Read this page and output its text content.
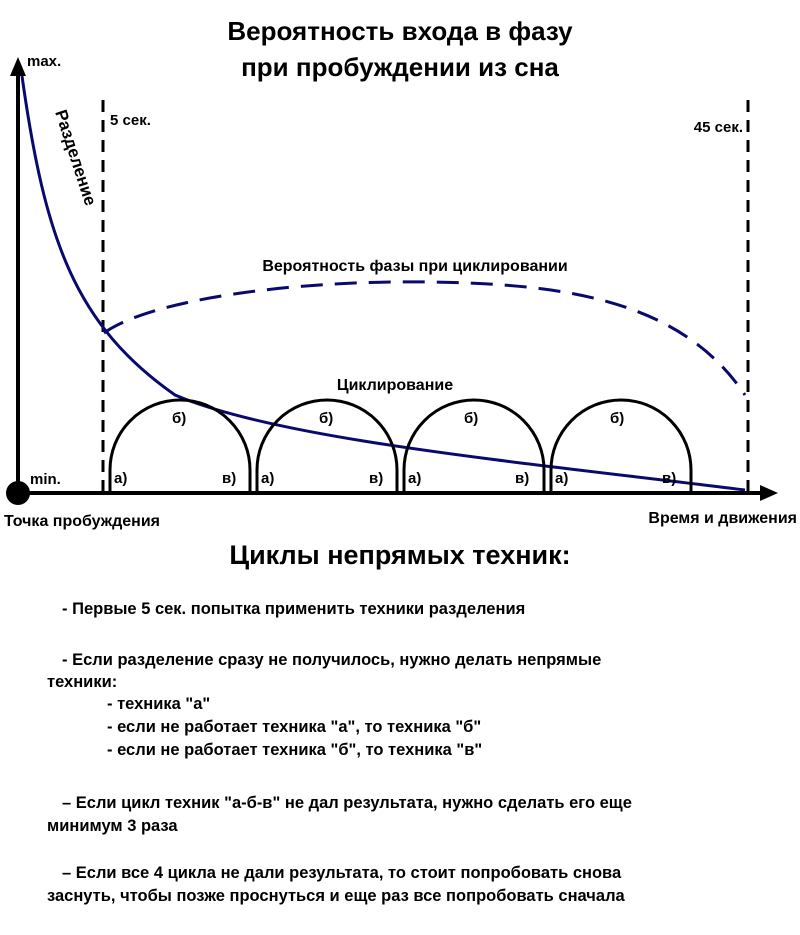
Вероятность входа в фазу
при пробуждении из сна
max.
min.
Точка пробуждения	Время и движения
5 сек.	45 сек.
Вероятность фазы при циклировании
Разделение
Циклирование
а)
б)
в) а)
б)
в) а)
б)
в) а)
б)
в)
Циклы непрямых техник:

- Первые 5 сек. попытка применить техники разделения

- Если разделение сразу не получилось, нужно делать непрямые

техники:

- техника "а"

- если не работает техника "а", то техника "б"

- если не работает техника "б", то техника "в"

– Если цикл техник "а-б-в" не дал результата, нужно сделать его еще

минимум 3 раза

– Если все 4 цикла не дали результата, то стоит попробовать снова

заснуть, чтобы позже проснуться и еще раз все попробовать сначала
